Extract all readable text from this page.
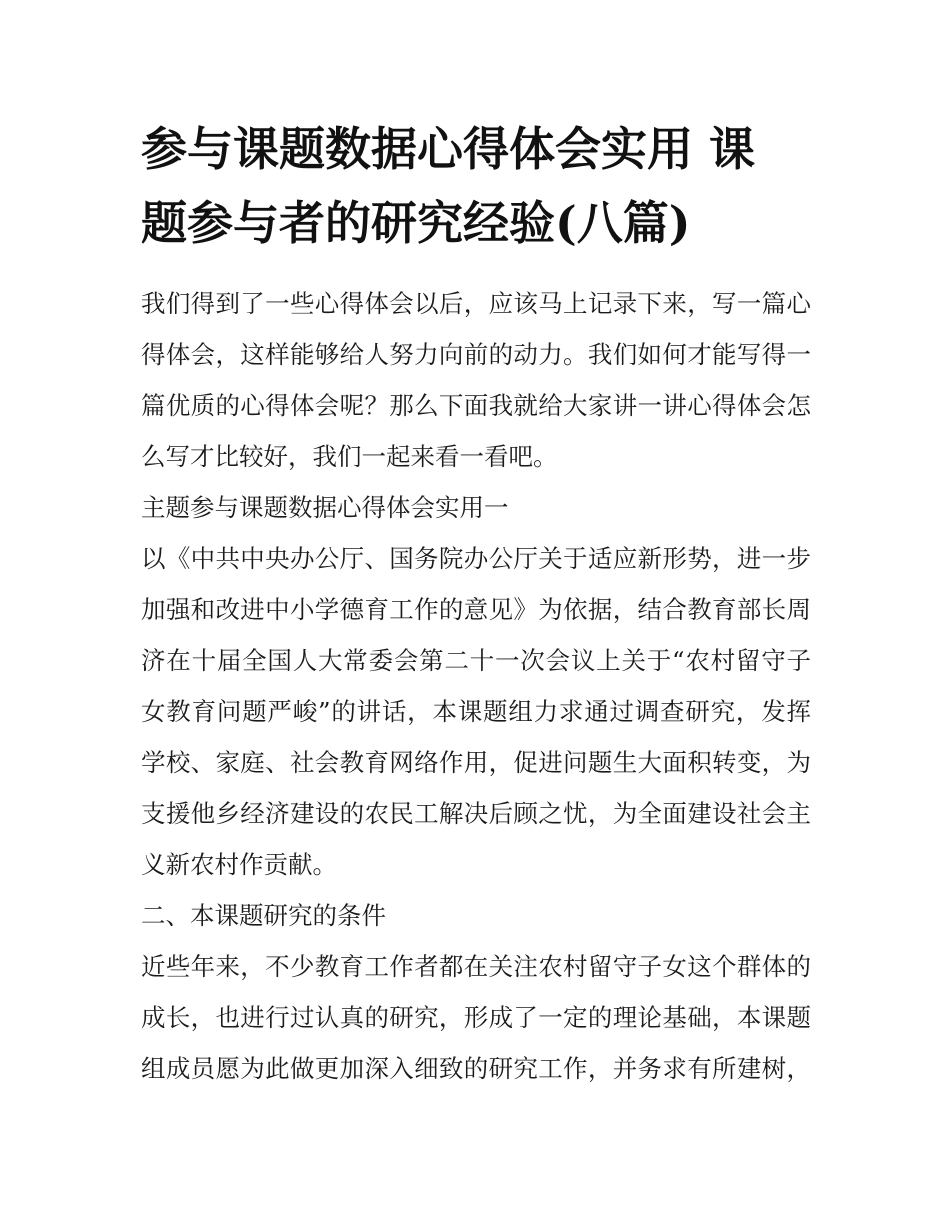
参与课题数据心得体会实用 课
题参与者的研究经验(八篇)

我们得到了一些心得体会以后，应该马上记录下来，写一篇心
得体会，这样能够给人努力向前的动力。我们如何才能写得一
篇优质的心得体会呢？那么下面我就给大家讲一讲心得体会怎
么写才比较好，我们一起来看一看吧。

主题参与课题数据心得体会实用一

以《中共中央办公厅、国务院办公厅关于适应新形势，进一步
加强和改进中小学德育工作的意见》为依据，结合教育部长周
济在十届全国人大常委会第二十一次会议上关于“农村留守子
女教育问题严峻”的讲话，本课题组力求通过调查研究，发挥
学校、家庭、社会教育网络作用，促进问题生大面积转变，为
支援他乡经济建设的农民工解决后顾之忧，为全面建设社会主
义新农村作贡献。

二、本课题研究的条件

近些年来，不少教育工作者都在关注农村留守子女这个群体的
成长，也进行过认真的研究，形成了一定的理论基础，本课题
组成员愿为此做更加深入细致的研究工作，并务求有所建树，
